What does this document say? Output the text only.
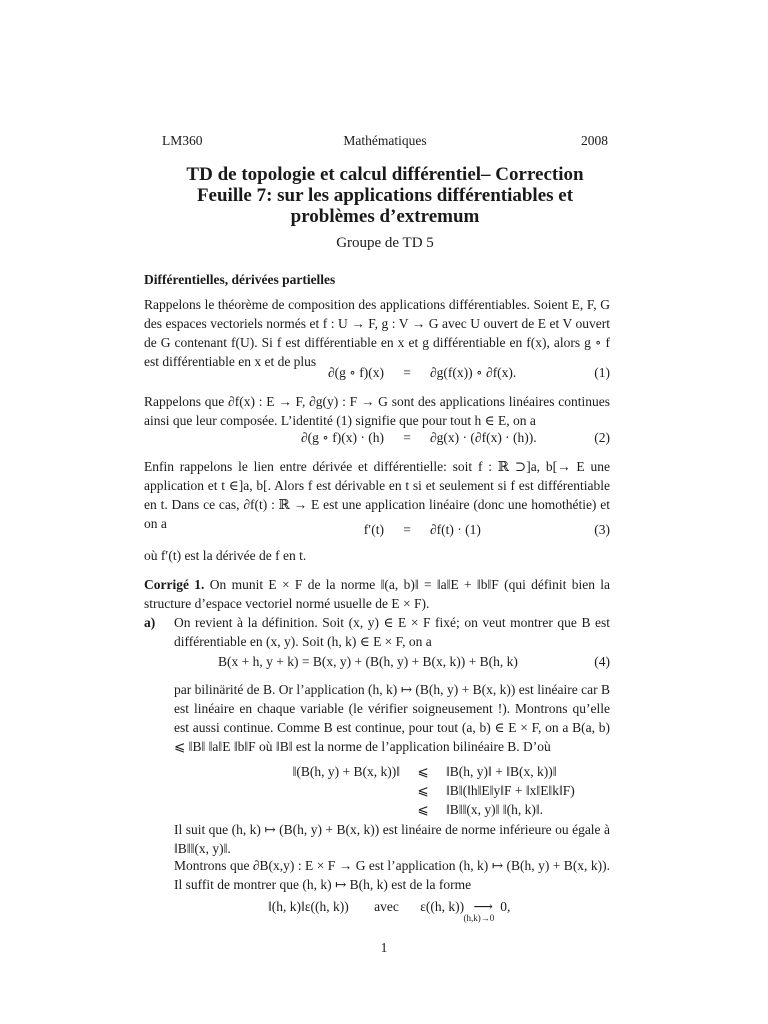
LM360	Mathématiques	2008
TD de topologie et calcul différentiel– Correction
Feuille 7: sur les applications différentiables et
problèmes d’extremum
Groupe de TD 5
Différentielles, dérivées partielles
Rappelons le théorème de composition des applications différentiables. Soient E, F, G des espaces vectoriels normés et f : U → F, g : V → G avec U ouvert de E et V ouvert de G contenant f(U). Si f est différentiable en x et g différentiable en f(x), alors g ∘ f est différentiable en x et de plus
∂(g ∘ f)(x)	=	∂g(f(x)) ∘ ∂f(x).	(1)
Rappelons que ∂f(x) : E → F, ∂g(y) : F → G sont des applications linéaires continues ainsi que leur composée. L’identité (1) signifie que pour tout h ∈ E, on a
∂(g ∘ f)(x) · (h)	=	∂g(x) · (∂f(x) · (h)).	(2)
Enfin rappelons le lien entre dérivée et différentielle: soit f : ℝ ⊃]a, b[→ E une application et t ∈]a, b[. Alors f est dérivable en t si et seulement si f est différentiable en t. Dans ce cas, ∂f(t) : ℝ → E est une application linéaire (donc une homothétie) et on a	f′(t)	=	∂f(t) · (1)	(3)
où f′(t) est la dérivée de f en t.
Corrigé 1. On munit E × F de la norme ‖(a, b)‖ = ‖a‖E + ‖b‖F (qui définit bien la structure d’espace vectoriel normé usuelle de E × F).
a) On revient à la définition. Soit (x, y) ∈ E × F fixé; on veut montrer que B est différentiable en (x, y). Soit (h, k) ∈ E × F, on a
B(x + h, y + k) = B(x, y) + (B(h, y) + B(x, k)) + B(h, k)	(4)
par bilinärité de B. Or l’application (h, k) ↦ (B(h, y) + B(x, k)) est linéaire car B est linéaire en chaque variable (le vérifier soigneusement !). Montrons qu’elle est aussi continue. Comme B est continue, pour tout (a, b) ∈ E × F, on a B(a, b) ⩽ ‖B‖ ‖a‖E ‖b‖F où ‖B‖ est la norme de l’application bilinéaire B. D’où
‖(B(h, y) + B(x, k))‖	⩽	‖B(h, y)‖ + ‖B(x, k))‖
⩽	‖B‖(‖h‖E‖y‖F + ‖x‖E‖k‖F)
⩽	‖B‖‖(x, y)‖ ‖(h, k)‖.
Il suit que (h, k) ↦ (B(h, y) + B(x, k)) est linéaire de norme inférieure ou égale à ‖B‖‖(x, y)‖.
Montrons que ∂B(x,y) : E × F → G est l’application (h, k) ↦ (B(h, y) + B(x, k)). Il suffit de montrer que (h, k) ↦ B(h, k) est de la forme
‖(h, k)‖ε((h, k)) avec ε((h, k)) ⟶
(h,k)→0
0,
1
